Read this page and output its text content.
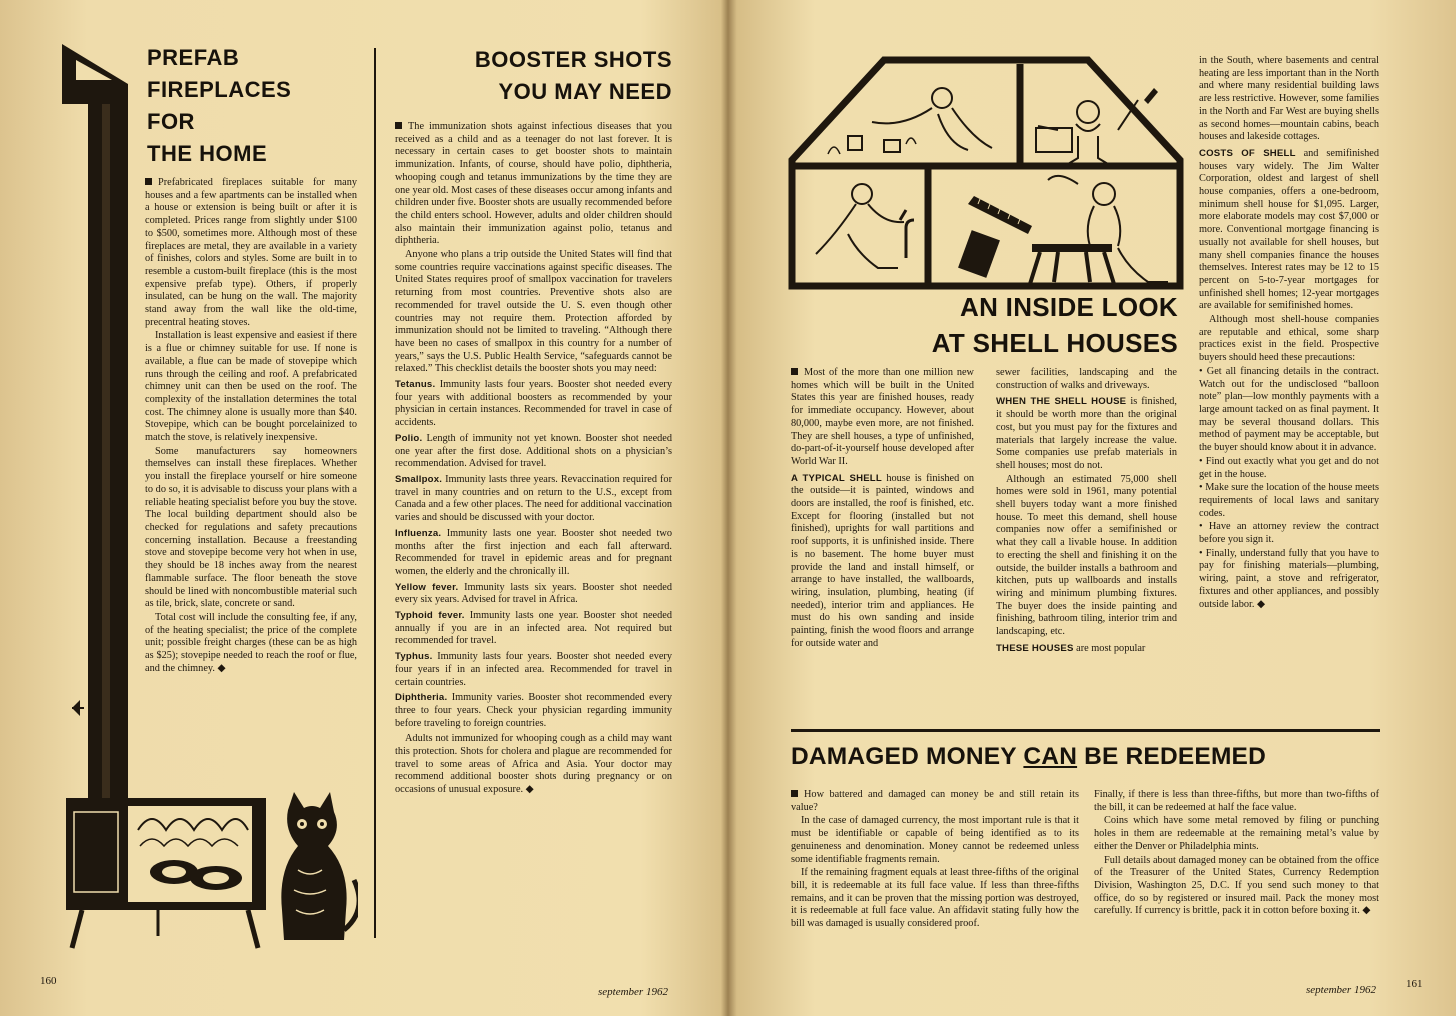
PREFAB
FIREPLACES
FOR
THE HOME

Prefabricated fireplaces suitable for many houses and a few apartments can be installed when a house or extension is being built or after it is completed. Prices range from slightly under $100 to $500, sometimes more. Although most of these fireplaces are metal, they are available in a variety of finishes, colors and styles. Some are built in to resemble a custom-built fireplace (this is the most expensive prefab type). Others, if properly insulated, can be hung on the wall. The majority stand away from the wall like the old-time, precentral heating stoves.

Installation is least expensive and easiest if there is a flue or chimney suitable for use. If none is available, a flue can be made of stovepipe which runs through the ceiling and roof. A prefabricated chimney unit can then be used on the roof. The complexity of the installation determines the total cost. The chimney alone is usually more than $40. Stovepipe, which can be bought porcelainized to match the stove, is relatively inexpensive.

Some manufacturers say homeowners themselves can install these fireplaces. Whether you install the fireplace yourself or hire someone to do so, it is advisable to discuss your plans with a reliable heating specialist before you buy the stove. The local building department should also be checked for regulations and safety precautions concerning installation. Because a freestanding stove and stovepipe become very hot when in use, they should be 18 inches away from the nearest flammable surface. The floor beneath the stove should be lined with noncombustible material such as tile, brick, slate, concrete or sand.

Total cost will include the consulting fee, if any, of the heating specialist; the price of the complete unit; possible freight charges (these can be as high as $25); stovepipe needed to reach the roof or flue, and the chimney. ◆

BOOSTER SHOTS
YOU MAY NEED

The immunization shots against infectious diseases that you received as a child and as a teenager do not last forever. It is necessary in certain cases to get booster shots to maintain immunization. Infants, of course, should have polio, diphtheria, whooping cough and tetanus immunizations by the time they are one year old. Most cases of these diseases occur among infants and children under five. Booster shots are usually recommended before the child enters school. However, adults and older children should also maintain their immunization against polio, tetanus and diphtheria.

Anyone who plans a trip outside the United States will find that some countries require vaccinations against specific diseases. The United States requires proof of smallpox vaccination for travelers returning from most countries. Preventive shots also are recommended for travel outside the U. S. even though other countries may not require them. Protection afforded by immunization should not be limited to traveling. “Although there have been no cases of smallpox in this country for a number of years,” says the U.S. Public Health Service, “safeguards cannot be relaxed.” This checklist details the booster shots you may need:

Tetanus. Immunity lasts four years. Booster shot needed every four years with additional boosters as recommended by your physician in certain instances. Recommended for travel in case of accidents.

Polio. Length of immunity not yet known. Booster shot needed one year after the first dose. Additional shots on a physician’s recommendation. Advised for travel.

Smallpox. Immunity lasts three years. Revaccination required for travel in many countries and on return to the U.S., except from Canada and a few other places. The need for additional vaccination varies and should be discussed with your doctor.

Influenza. Immunity lasts one year. Booster shot needed two months after the first injection and each fall afterward. Recommended for travel in epidemic areas and for pregnant women, the elderly and the chronically ill.

Yellow fever. Immunity lasts six years. Booster shot needed every six years. Advised for travel in Africa.

Typhoid fever. Immunity lasts one year. Booster shot needed annually if you are in an infected area. Not required but recommended for travel.

Typhus. Immunity lasts four years. Booster shot needed every four years if in an infected area. Recommended for travel in certain countries.

Diphtheria. Immunity varies. Booster shot recommended every three to four years. Check your physician regarding immunity before traveling to foreign countries.

Adults not immunized for whooping cough as a child may want this protection. Shots for cholera and plague are recommended for travel to some areas of Africa and Asia. Your doctor may recommend additional booster shots during pregnancy or on occasions of unusual exposure. ◆

160
september 1962
AN INSIDE LOOK
AT SHELL HOUSES

Most of the more than one million new homes which will be built in the United States this year are finished houses, ready for immediate occupancy. However, about 80,000, maybe even more, are not finished. They are shell houses, a type of unfinished, do-part-of-it-yourself house developed after World War II.

A TYPICAL SHELL house is finished on the outside—it is painted, windows and doors are installed, the roof is finished, etc. Except for flooring (installed but not finished), uprights for wall partitions and roof supports, it is unfinished inside. There is no basement. The home buyer must provide the land and install himself, or arrange to have installed, the wallboards, wiring, insulation, plumbing, heating (if needed), interior trim and appliances. He must do his own sanding and inside painting, finish the wood floors and arrange for outside water and

sewer facilities, landscaping and the construction of walks and driveways.

WHEN THE SHELL HOUSE is finished, it should be worth more than the original cost, but you must pay for the fixtures and materials that largely increase the value. Some companies use prefab materials in shell houses; most do not.

Although an estimated 75,000 shell homes were sold in 1961, many potential shell buyers today want a more finished house. To meet this demand, shell house companies now offer a semifinished or what they call a livable house. In addition to erecting the shell and finishing it on the outside, the builder installs a bathroom and kitchen, puts up wallboards and installs wiring and minimum plumbing fixtures. The buyer does the inside painting and finishing, bathroom tiling, interior trim and landscaping, etc.

THESE HOUSES are most popular

in the South, where basements and central heating are less important than in the North and where many residential building laws are less restrictive. However, some families in the North and Far West are buying shells as second homes—mountain cabins, beach houses and lakeside cottages.

COSTS OF SHELL and semifinished houses vary widely. The Jim Walter Corporation, oldest and largest of shell house companies, offers a one-bedroom, minimum shell house for $1,095. Larger, more elaborate models may cost $7,000 or more. Conventional mortgage financing is usually not available for shell houses, but many shell companies finance the houses themselves. Interest rates may be 12 to 15 percent on 5-to-7-year mortgages for unfinished shell homes; 12-year mortgages are available for semifinished homes.

Although most shell-house companies are reputable and ethical, some sharp practices exist in the field. Prospective buyers should heed these precautions:

• Get all financing details in the contract. Watch out for the undisclosed “balloon note” plan—low monthly payments with a large amount tacked on as final payment. It may be several thousand dollars. This method of payment may be acceptable, but the buyer should know about it in advance.

• Find out exactly what you get and do not get in the house.

• Make sure the location of the house meets requirements of local laws and sanitary codes.

• Have an attorney review the contract before you sign it.

• Finally, understand fully that you have to pay for finishing materials—plumbing, wiring, paint, a stove and refrigerator, fixtures and other appliances, and possibly outside labor. ◆

DAMAGED MONEY CAN BE REDEEMED

How battered and damaged can money be and still retain its value?

In the case of damaged currency, the most important rule is that it must be identifiable or capable of being identified as to its genuineness and denomination. Money cannot be redeemed unless some identifiable fragments remain.

If the remaining fragment equals at least three-fifths of the original bill, it is redeemable at its full face value. If less than three-fifths remains, and it can be proven that the missing portion was destroyed, it is redeemable at full face value. An affidavit stating fully how the bill was damaged is usually considered proof.

Finally, if there is less than three-fifths, but more than two-fifths of the bill, it can be redeemed at half the face value.

Coins which have some metal removed by filing or punching holes in them are redeemable at the remaining metal’s value by either the Denver or Philadelphia mints.

Full details about damaged money can be obtained from the office of the Treasurer of the United States, Currency Redemption Division, Washington 25, D.C. If you send such money to that office, do so by registered or insured mail. Pack the money most carefully. If currency is brittle, pack it in cotton before boxing it. ◆

september 1962	161
